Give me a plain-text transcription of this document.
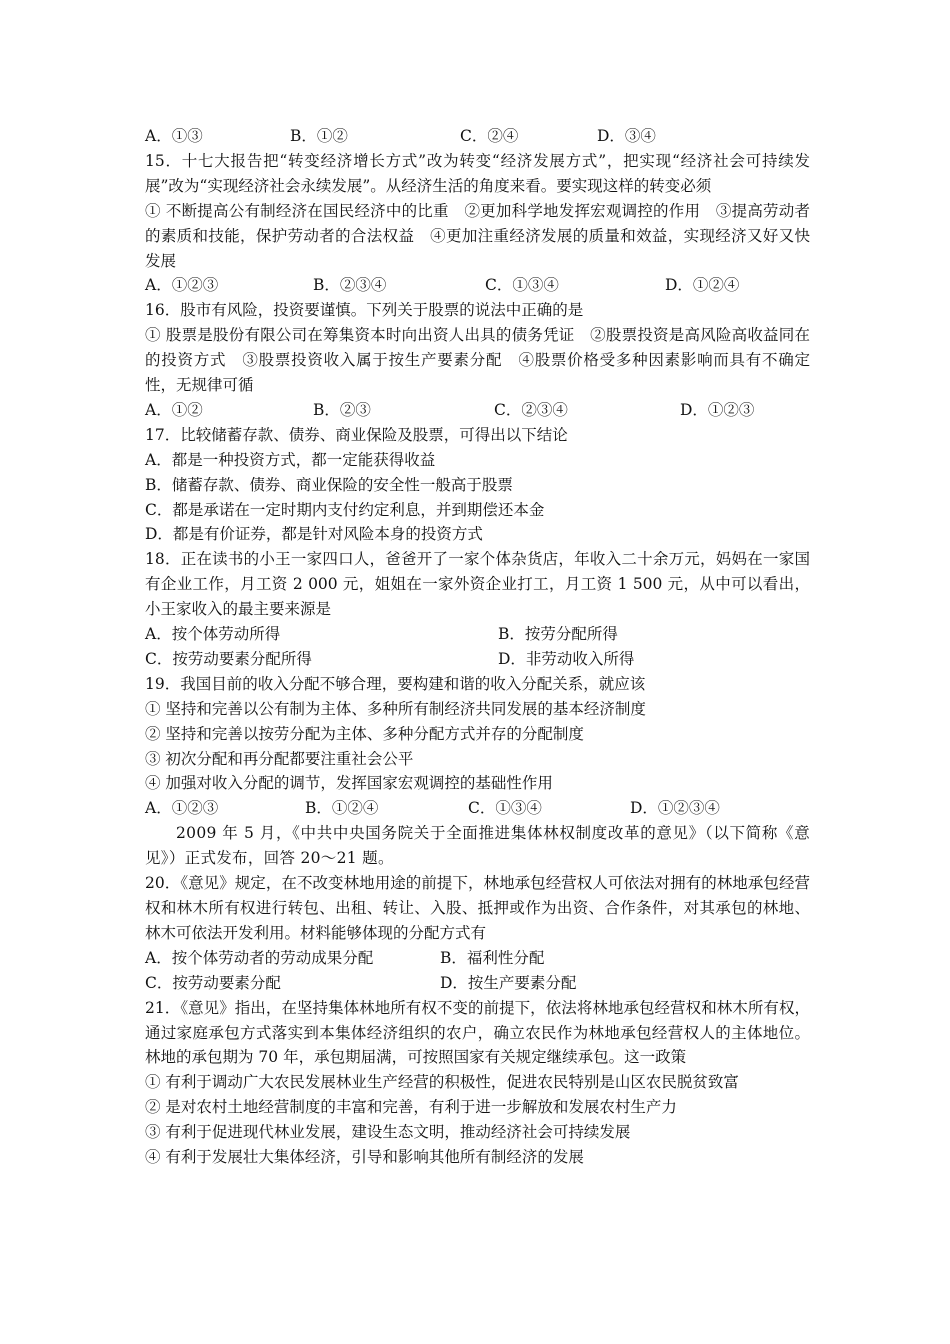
A．①③	B．①②	C．②④	D．③④
15．十七大报告把“转变经济增长方式”改为转变“经济发展方式”，把实现“经济社会可持续发展”改为“实现经济社会永续发展”。从经济生活的角度来看。要实现这样的转变必须
① 不断提高公有制经济在国民经济中的比重　②更加科学地发挥宏观调控的作用　③提高劳动者的素质和技能，保护劳动者的合法权益　④更加注重经济发展的质量和效益，实现经济又好又快发展
A．①②③	B．②③④	C．①③④	D．①②④
16．股市有风险，投资要谨慎。下列关于股票的说法中正确的是
① 股票是股份有限公司在筹集资本时向出资人出具的债务凭证　②股票投资是高风险高收益同在的投资方式　③股票投资收入属于按生产要素分配　④股票价格受多种因素影响而具有不确定性，无规律可循
A．①②	B．②③	C．②③④	D．①②③
17．比较储蓄存款、债券、商业保险及股票，可得出以下结论
A．都是一种投资方式，都一定能获得收益
B．储蓄存款、债券、商业保险的安全性一般高于股票
C．都是承诺在一定时期内支付约定利息，并到期偿还本金
D．都是有价证券，都是针对风险本身的投资方式
18．正在读书的小王一家四口人，爸爸开了一家个体杂货店，年收入二十余万元，妈妈在一家国有企业工作，月工资 2 000 元，姐姐在一家外资企业打工，月工资 1 500 元，从中可以看出，小王家收入的最主要来源是
A．按个体劳动所得	B．按劳分配所得
C．按劳动要素分配所得	D．非劳动收入所得
19．我国目前的收入分配不够合理，要构建和谐的收入分配关系，就应该
① 坚持和完善以公有制为主体、多种所有制经济共同发展的基本经济制度
② 坚持和完善以按劳分配为主体、多种分配方式并存的分配制度
③ 初次分配和再分配都要注重社会公平
④ 加强对收入分配的调节，发挥国家宏观调控的基础性作用
A．①②③	B．①②④	C．①③④	D．①②③④
2009 年 5 月，《中共中央国务院关于全面推进集体林权制度改革的意见》（以下简称《意见》）正式发布，回答 20～21 题。
20．《意见》规定，在不改变林地用途的前提下，林地承包经营权人可依法对拥有的林地承包经营权和林木所有权进行转包、出租、转让、入股、抵押或作为出资、合作条件，对其承包的林地、林木可依法开发利用。材料能够体现的分配方式有
A．按个体劳动者的劳动成果分配	B．福利性分配
C．按劳动要素分配	D．按生产要素分配
21．《意见》指出，在坚持集体林地所有权不变的前提下，依法将林地承包经营权和林木所有权，通过家庭承包方式落实到本集体经济组织的农户，确立农民作为林地承包经营权人的主体地位。林地的承包期为 70 年，承包期届满，可按照国家有关规定继续承包。这一政策
① 有利于调动广大农民发展林业生产经营的积极性，促进农民特别是山区农民脱贫致富
② 是对农村土地经营制度的丰富和完善，有利于进一步解放和发展农村生产力
③ 有利于促进现代林业发展，建设生态文明，推动经济社会可持续发展
④ 有利于发展壮大集体经济，引导和影响其他所有制经济的发展
